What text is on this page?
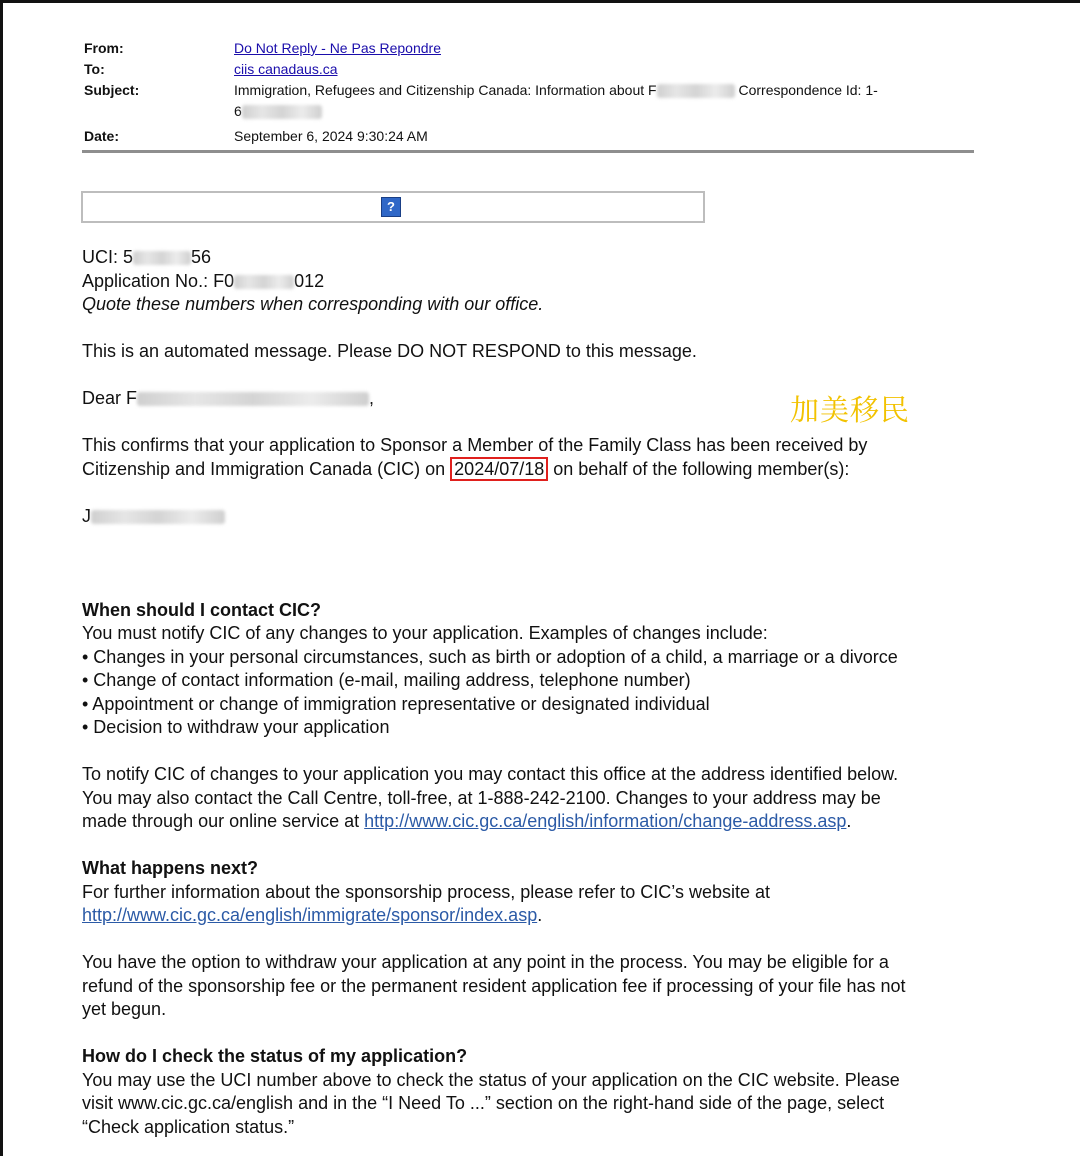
From:	Do Not Reply - Ne Pas Repondre
To:	ciis canadaus.ca
Subject:	Immigration, Refugees and Citizenship Canada: Information about F	Correspondence Id: 1-
6
Date:	September 6, 2024 9:30:24 AM
?
加美移民

UCI: 5	56

Application No.: F0	012

Quote these numbers when corresponding with our office.

This is an automated message. Please DO NOT RESPOND to this message.

Dear F	,

This confirms that your application to Sponsor a Member of the Family Class has been received by

Citizenship and Immigration Canada (CIC) on 2024/07/18 on behalf of the following member(s):

J

When should I contact CIC?

You must notify CIC of any changes to your application. Examples of changes include:

• Changes in your personal circumstances, such as birth or adoption of a child, a marriage or a divorce

• Change of contact information (e-mail, mailing address, telephone number)

• Appointment or change of immigration representative or designated individual

• Decision to withdraw your application

To notify CIC of changes to your application you may contact this office at the address identified below.

You may also contact the Call Centre, toll-free, at 1-888-242-2100. Changes to your address may be

made through our online service at http://www.cic.gc.ca/english/information/change-address.asp.

What happens next?

For further information about the sponsorship process, please refer to CIC’s website at

http://www.cic.gc.ca/english/immigrate/sponsor/index.asp.

You have the option to withdraw your application at any point in the process. You may be eligible for a

refund of the sponsorship fee or the permanent resident application fee if processing of your file has not

yet begun.

How do I check the status of my application?

You may use the UCI number above to check the status of your application on the CIC website. Please

visit www.cic.gc.ca/english and in the “I Need To ...” section on the right-hand side of the page, select

“Check application status.”
